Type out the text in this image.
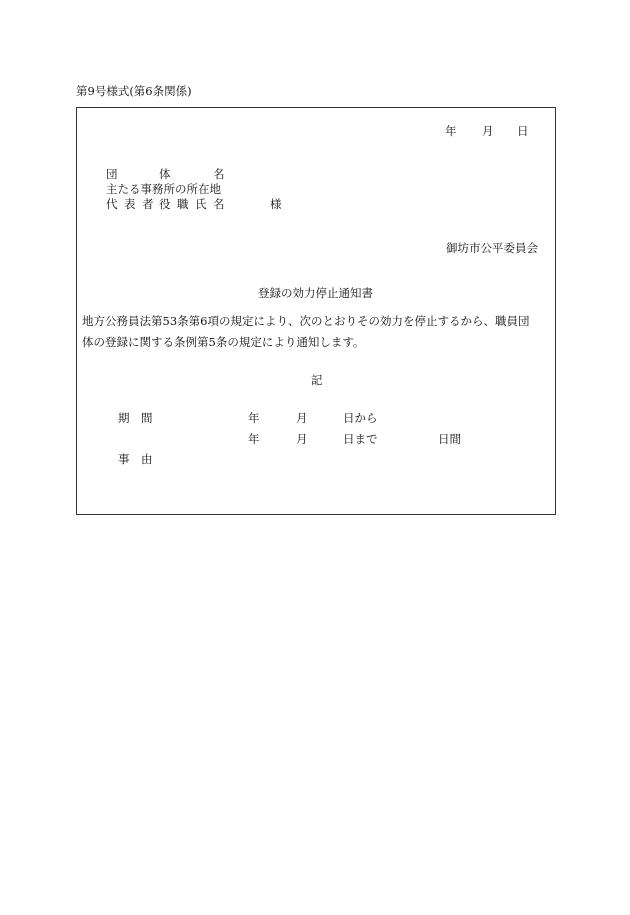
第9号様式(第6条関係)
年 月 日
団	体	名
主たる事務所の所在地
代 表 者 役 職 氏 名	様
御坊市公平委員会
登録の効力停止通知書
地方公務員法第53条第6項の規定により、次のとおりその効力を停止するから、職員団
体の登録に関する条例第5条の規定により通知します。
記
期　間	年	月	日から
年	月	日まで	日間
事　由
